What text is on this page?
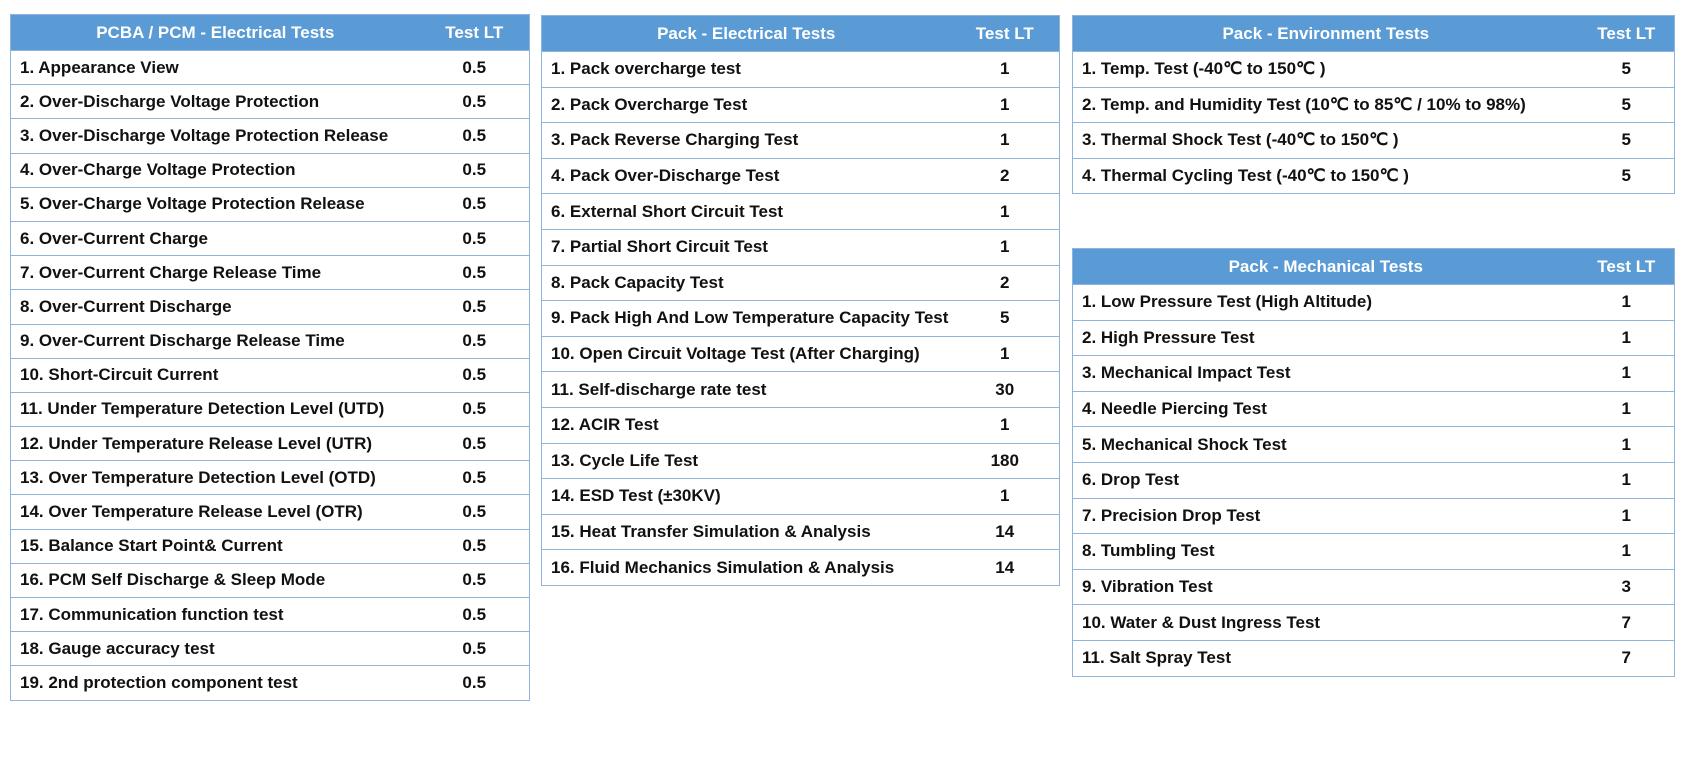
PCBA / PCM - Electrical Tests	Test LT
1. Appearance View	0.5
2. Over-Discharge Voltage Protection	0.5
3. Over-Discharge Voltage Protection Release	0.5
4. Over-Charge Voltage Protection	0.5
5. Over-Charge Voltage Protection Release	0.5
6. Over-Current Charge	0.5
7. Over-Current Charge Release Time	0.5
8. Over-Current Discharge	0.5
9. Over-Current Discharge Release Time	0.5
10. Short-Circuit Current	0.5
11. Under Temperature Detection Level (UTD)	0.5
12. Under Temperature Release Level (UTR)	0.5
13. Over Temperature Detection Level (OTD)	0.5
14. Over Temperature Release Level (OTR)	0.5
15. Balance Start Point& Current	0.5
16. PCM Self Discharge & Sleep Mode	0.5
17. Communication function test	0.5
18. Gauge accuracy test	0.5
19. 2nd protection component test	0.5
Pack - Electrical Tests	Test LT
1. Pack overcharge test	1
2. Pack Overcharge Test	1
3. Pack Reverse Charging Test	1
4. Pack Over-Discharge Test	2
6. External Short Circuit Test	1
7. Partial Short Circuit Test	1
8. Pack Capacity Test	2
9. Pack High And Low Temperature Capacity Test	5
10. Open Circuit Voltage Test (After Charging)	1
11. Self-discharge rate test	30
12. ACIR Test	1
13. Cycle Life Test	180
14. ESD Test (±30KV)	1
15. Heat Transfer Simulation & Analysis	14
16. Fluid Mechanics Simulation & Analysis	14
Pack - Environment Tests	Test LT
1. Temp. Test (-40℃ to 150℃ )	5
2. Temp. and Humidity Test (10℃ to 85℃ / 10% to 98%)	5
3. Thermal Shock Test (-40℃ to 150℃ )	5
4. Thermal Cycling Test (-40℃ to 150℃ )	5
Pack - Mechanical Tests	Test LT
1. Low Pressure Test (High Altitude)	1
2. High Pressure Test	1
3. Mechanical Impact Test	1
4. Needle Piercing Test	1
5. Mechanical Shock Test	1
6. Drop Test	1
7. Precision Drop Test	1
8. Tumbling Test	1
9. Vibration Test	3
10. Water & Dust Ingress Test	7
11. Salt Spray Test	7
